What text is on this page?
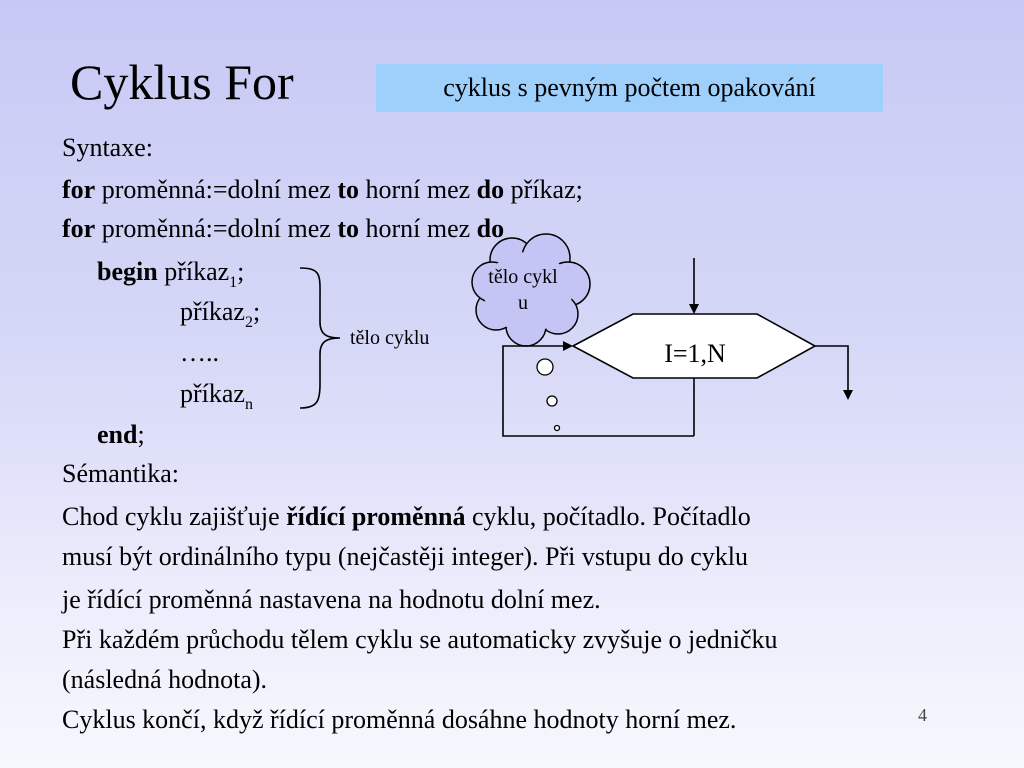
Cyklus For	cyklus s pevným počtem opakování
Syntaxe:
for proměnná:=dolní mez to horní mez do příkaz;
for proměnná:=dolní mez to horní mez do
begin příkaz$_1$;
příkaz$_2$;
…..
příkaz$_n$
end;
tělo cykl u
tělo cyklu
I=1,N
Sémantika:
Chod cyklu zajišťuje řídící proměnná cyklu, počítadlo. Počítadlo
musí být ordinálního typu (nejčastěji integer). Při vstupu do cyklu
je řídící proměnná nastavena na hodnotu dolní mez.
Při každém průchodu tělem cyklu se automaticky zvyšuje o jedničku
(následná hodnota).
Cyklus končí, když řídící proměnná dosáhne hodnoty horní mez.	4
